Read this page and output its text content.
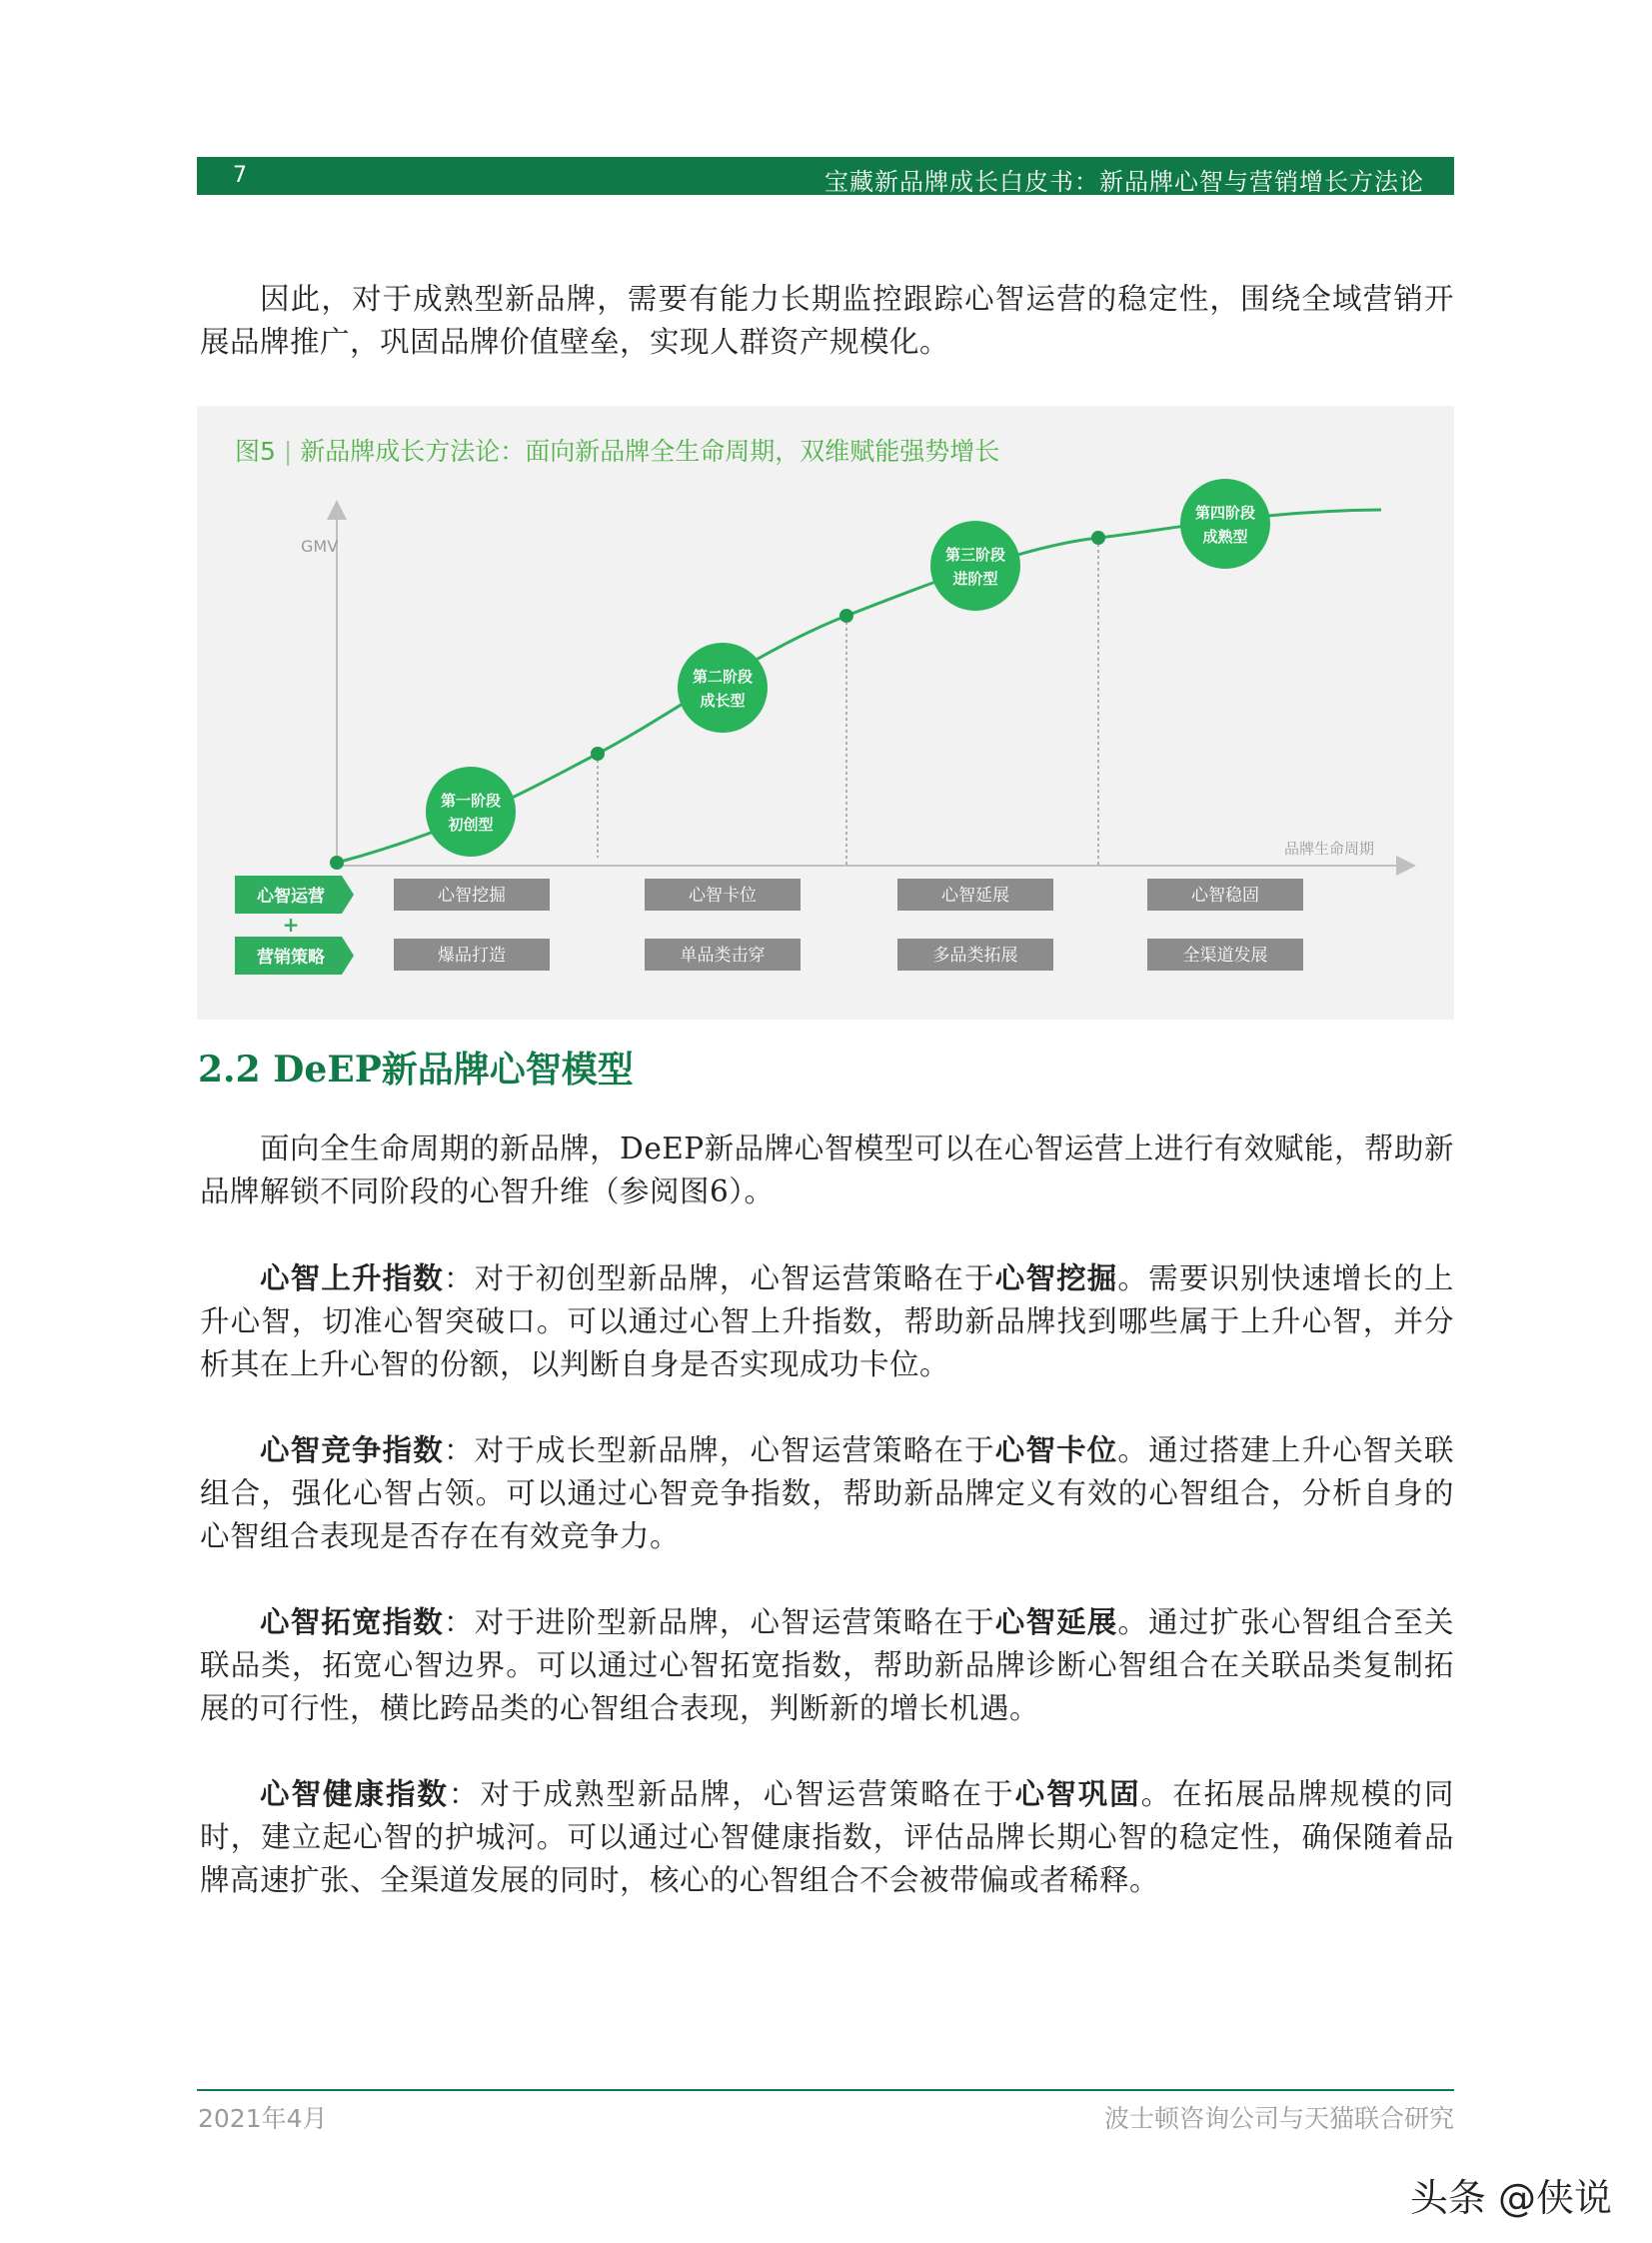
7	宝藏新品牌成长白皮书：新品牌心智与营销增长方法论
因此，对于成熟型新品牌，需要有能力长期监控跟踪心智运营的稳定性，围绕全域营销开展品牌推广，巩固品牌价值壁垒，实现人群资产规模化。
图5 | 新品牌成长方法论：面向新品牌全生命周期，双维赋能强势增长
GMV
品牌生命周期
第一阶段
初创型
第二阶段
成长型
第三阶段
进阶型
第四阶段
成熟型
心智运营
+
营销策略
心智挖掘	心智卡位	心智延展	心智稳固
爆品打造	单品类击穿	多品类拓展	全渠道发展
2.2 DeEP新品牌心智模型
面向全生命周期的新品牌，DeEP新品牌心智模型可以在心智运营上进行有效赋能，帮助新品牌解锁不同阶段的心智升维（参阅图6）。
心智上升指数：对于初创型新品牌，心智运营策略在于心智挖掘。需要识别快速增长的上升心智，切准心智突破口。可以通过心智上升指数，帮助新品牌找到哪些属于上升心智，并分析其在上升心智的份额，以判断自身是否实现成功卡位。
心智竞争指数：对于成长型新品牌，心智运营策略在于心智卡位。通过搭建上升心智关联组合，强化心智占领。可以通过心智竞争指数，帮助新品牌定义有效的心智组合，分析自身的心智组合表现是否存在有效竞争力。
心智拓宽指数：对于进阶型新品牌，心智运营策略在于心智延展。通过扩张心智组合至关联品类，拓宽心智边界。可以通过心智拓宽指数，帮助新品牌诊断心智组合在关联品类复制拓展的可行性，横比跨品类的心智组合表现，判断新的增长机遇。
心智健康指数：对于成熟型新品牌，心智运营策略在于心智巩固。在拓展品牌规模的同时，建立起心智的护城河。可以通过心智健康指数，评估品牌长期心智的稳定性，确保随着品牌高速扩张、全渠道发展的同时，核心的心智组合不会被带偏或者稀释。
2021年4月	波士顿咨询公司与天猫联合研究
头条 @侠说
